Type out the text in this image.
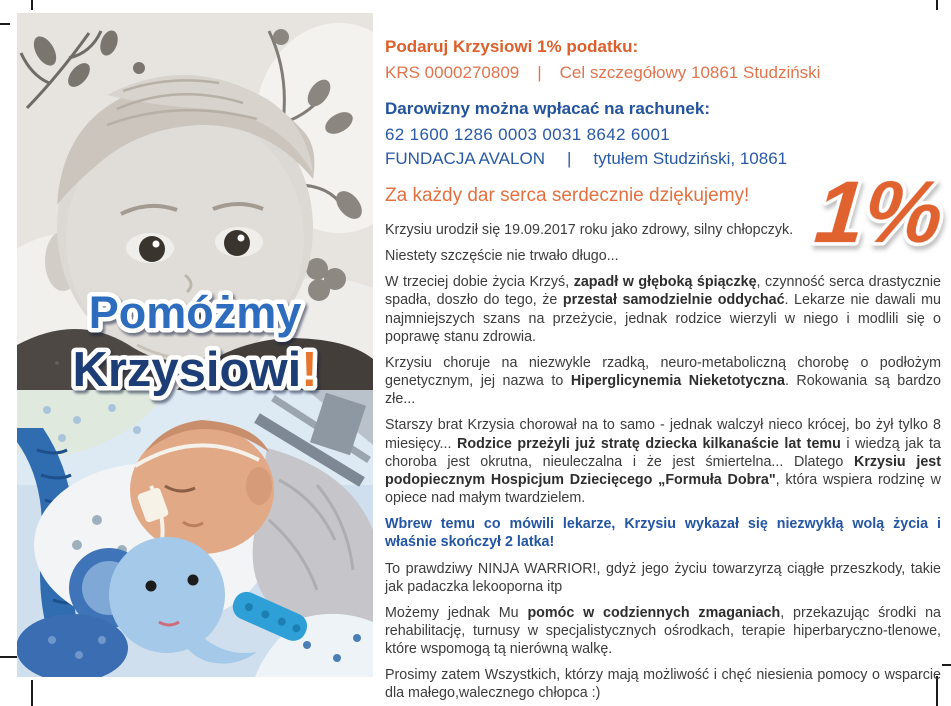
Pomóżmy
Krzysiowi!
1%

Podaruj Krzysiowi 1% podatku:

KRS 0000270809 | Cel szczegółowy 10861 Studziński

Darowizny można wpłacać na rachunek:

62 1600 1286 0003 0031 8642 6001

FUNDACJA AVALON | tytułem Studziński, 10861

Za każdy dar serca serdecznie dziękujemy!

Krzysiu urodził się 19.09.2017 roku jako zdrowy, silny chłopczyk.

Niestety szczęście nie trwało długo...

W trzeciej dobie życia Krzyś, zapadł w głęboką śpiączkę, czynność serca drastycznie spadła, doszło do tego, że przestał samodzielnie oddychać. Lekarze nie dawali mu najmniejszych szans na przeżycie, jednak rodzice wierzyli w niego i modlili się o poprawę stanu zdrowia.

Krzysiu choruje na niezwykle rzadką, neuro-metaboliczną chorobę o podłożym genetycznym, jej nazwa to Hiperglicynemia Nieketotyczna. Rokowania są bardzo złe...

Starszy brat Krzysia chorował na to samo - jednak walczył nieco krócej, bo żył tylko 8 miesięcy... Rodzice przeżyli już stratę dziecka kilkanaście lat temu i wiedzą jak ta choroba jest okrutna, nieuleczalna i że jest śmiertelna... Dlatego Krzysiu jest podopiecznym Hospicjum Dziecięcego „Formuła Dobra", która wspiera rodzinę w opiece nad małym twardzielem.

Wbrew temu co mówili lekarze, Krzysiu wykazał się niezwykłą wolą życia i właśnie skończył 2 latka!

To prawdziwy NINJA WARRIOR!, gdyż jego życiu towarzyrzą ciągłe przeszkody, takie jak padaczka lekooporna itp

Możemy jednak Mu pomóc w codziennych zmaganiach, przekazując środki na rehabilitację, turnusy w specjalistycznych ośrodkach, terapie hiperbaryczno-tlenowe, które wspomogą tą nierówną walkę.

Prosimy zatem Wszystkich, którzy mają możliwość i chęć niesienia pomocy o wsparcie dla małego,walecznego chłopca :)
